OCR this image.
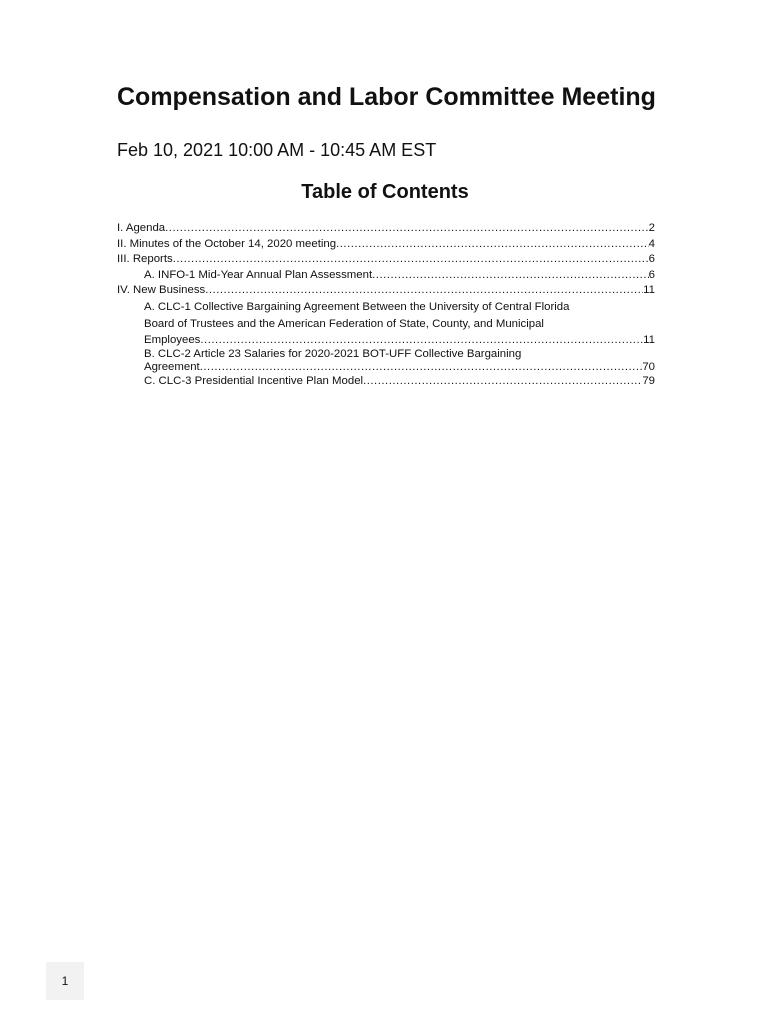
Compensation and Labor Committee Meeting
Feb 10, 2021 10:00 AM - 10:45 AM EST
Table of Contents
I. Agenda .....	2
II. Minutes of the October 14, 2020 meeting .....	4
III. Reports .....	6
A. INFO-1 Mid-Year Annual Plan Assessment .....	6
IV. New Business .....	11
A. CLC-1 Collective Bargaining Agreement Between the University of Central Florida
Board of Trustees and the American Federation of State, County, and Municipal
Employees .....	11
B. CLC-2 Article 23 Salaries for 2020-2021 BOT-UFF Collective Bargaining
Agreement .....	70
C. CLC-3 Presidential Incentive Plan Model .....	79
1
